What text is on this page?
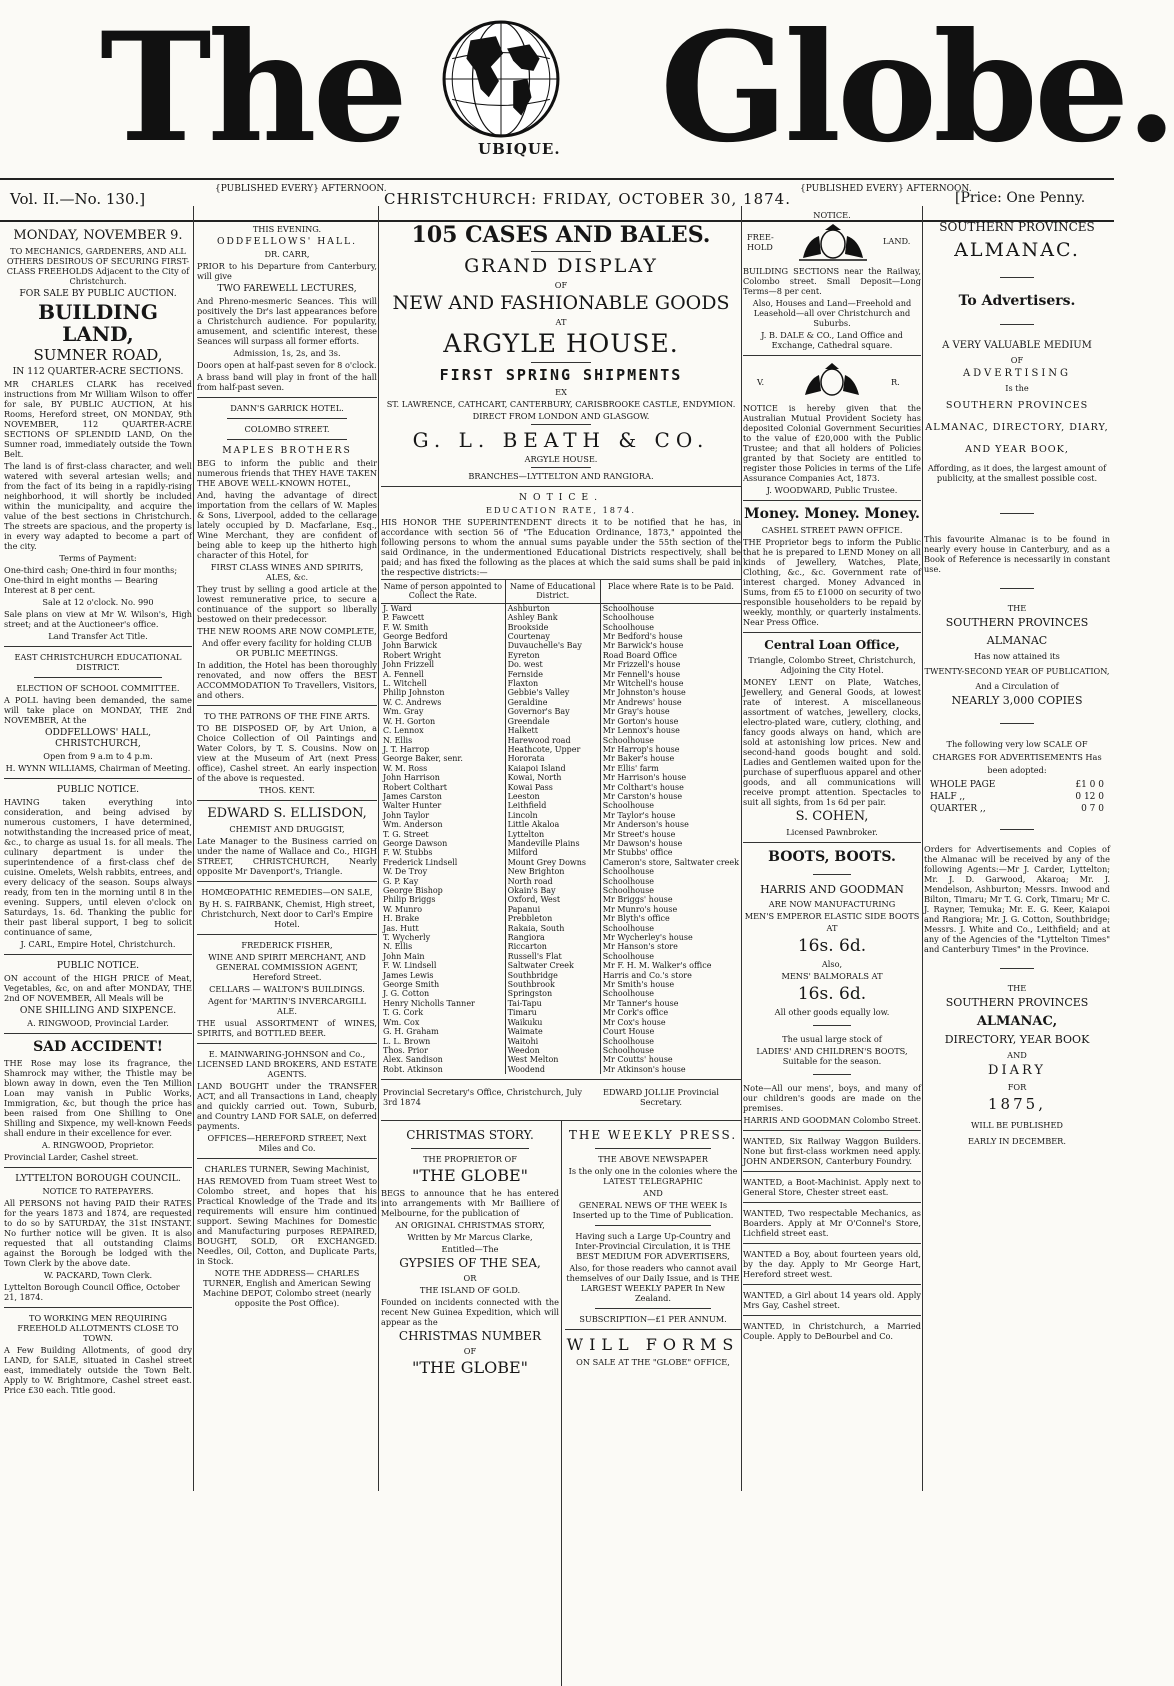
The	UBIQUE. Globe.
Vol. II.—No. 130.]
{PUBLISHED EVERY} AFTERNOON.
CHRISTCHURCH: FRIDAY, OCTOBER 30, 1874.
{PUBLISHED EVERY} AFTERNOON.
[Price: One Penny.

MONDAY, NOVEMBER 9.

TO MECHANICS, GARDENERS, AND ALL OTHERS DESIROUS OF SECURING FIRST-CLASS FREEHOLDS Adjacent to the City of Christchurch.

FOR SALE BY PUBLIC AUCTION.

BUILDING LAND,

SUMNER ROAD,

IN 112 QUARTER-ACRE SECTIONS.

MR CHARLES CLARK has received instructions from Mr William Wilson to offer for sale, BY PUBLIC AUCTION, At his Rooms, Hereford street, ON MONDAY, 9th NOVEMBER, 112 QUARTER-ACRE SECTIONS OF SPLENDID LAND, On the Sumner road, immediately outside the Town Belt.

The land is of first-class character, and well watered with several artesian wells; and from the fact of its being in a rapidly-rising neighborhood, it will shortly be included within the municipality, and acquire the value of the best sections in Christchurch. The streets are spacious, and the property is in every way adapted to become a part of the city.

Terms of Payment:

One-third cash; One-third in four months; One-third in eight months — Bearing Interest at 8 per cent.

Sale at 12 o'clock. No. 990

Sale plans on view at Mr W. Wilson's, High street; and at the Auctioneer's office.

Land Transfer Act Title.

EAST CHRISTCHURCH EDUCATIONAL DISTRICT.

ELECTION OF SCHOOL COMMITTEE.

A POLL having been demanded, the same will take place on MONDAY, THE 2nd NOVEMBER, At the

ODDFELLOWS' HALL, CHRISTCHURCH,

Open from 9 a.m to 4 p.m.

H. WYNN WILLIAMS, Chairman of Meeting.

PUBLIC NOTICE.

HAVING taken everything into consideration, and being advised by numerous customers, I have determined, notwithstanding the increased price of meat, &c., to charge as usual 1s. for all meals. The culinary department is under the superintendence of a first-class chef de cuisine. Omelets, Welsh rabbits, entrees, and every delicacy of the season. Soups always ready, from ten in the morning until 8 in the evening. Suppers, until eleven o'clock on Saturdays, 1s. 6d. Thanking the public for their past liberal support, I beg to solicit continuance of same,

J. CARL, Empire Hotel, Christchurch.

PUBLIC NOTICE.

ON account of the HIGH PRICE of Meat, Vegetables, &c, on and after MONDAY, THE 2nd OF NOVEMBER, All Meals will be

ONE SHILLING AND SIXPENCE.

A. RINGWOOD, Provincial Larder.

SAD ACCIDENT!

THE Rose may lose its fragrance, the Shamrock may wither, the Thistle may be blown away in down, even the Ten Million Loan may vanish in Public Works, Immigration, &c, but though the price has been raised from One Shilling to One Shilling and Sixpence, my well-known Feeds shall endure in their excellence for ever.

A. RINGWOOD, Proprietor.

Provincial Larder, Cashel street.

LYTTELTON BOROUGH COUNCIL.

NOTICE TO RATEPAYERS.

All PERSONS not having PAID their RATES for the years 1873 and 1874, are requested to do so by SATURDAY, the 31st INSTANT. No further notice will be given. It is also requested that all outstanding Claims against the Borough be lodged with the Town Clerk by the above date.

W. PACKARD, Town Clerk.

Lyttelton Borough Council Office, October 21, 1874.

TO WORKING MEN REQUIRING FREEHOLD ALLOTMENTS CLOSE TO TOWN.

A Few Building Allotments, of good dry LAND, for SALE, situated in Cashel street east, immediately outside the Town Belt. Apply to W. Brightmore, Cashel street east. Price £30 each. Title good.

THIS EVENING.

ODDFELLOWS' HALL.

DR. CARR,

PRIOR to his Departure from Canterbury, will give

TWO FAREWELL LECTURES,

And Phreno-mesmeric Seances. This will positively the Dr's last appearances before a Christchurch audience. For popularity, amusement, and scientific interest, these Seances will surpass all former efforts.

Admission, 1s, 2s, and 3s.

Doors open at half-past seven for 8 o'clock.

A brass band will play in front of the hall from half-past seven.

DANN'S GARRICK HOTEL.

COLOMBO STREET.

MAPLES BROTHERS

BEG to inform the public and their numerous friends that THEY HAVE TAKEN THE ABOVE WELL-KNOWN HOTEL,

And, having the advantage of direct importation from the cellars of W. Maples & Sons, Liverpool, added to the cellarage lately occupied by D. Macfarlane, Esq., Wine Merchant, they are confident of being able to keep up the hitherto high character of this Hotel, for

FIRST CLASS WINES AND SPIRITS, ALES, &c.

They trust by selling a good article at the lowest remunerative price, to secure a continuance of the support so liberally bestowed on their predecessor.

THE NEW ROOMS ARE NOW COMPLETE,

And offer every facility for holding CLUB OR PUBLIC MEETINGS.

In addition, the Hotel has been thoroughly renovated, and now offers the BEST ACCOMMODATION To Travellers, Visitors, and others.

TO THE PATRONS OF THE FINE ARTS.

TO BE DISPOSED OF, by Art Union, a Choice Collection of Oil Paintings and Water Colors, by T. S. Cousins. Now on view at the Museum of Art (next Press office), Cashel street. An early inspection of the above is requested.

THOS. KENT.

EDWARD S. ELLISDON,

CHEMIST AND DRUGGIST,

Late Manager to the Business carried on under the name of Wallace and Co., HIGH STREET, CHRISTCHURCH, Nearly opposite Mr Davenport's, Triangle.

HOMŒOPATHIC REMEDIES—ON SALE,

By H. S. FAIRBANK, Chemist, High street, Christchurch, Next door to Carl's Empire Hotel.

FREDERICK FISHER,

WINE AND SPIRIT MERCHANT, AND GENERAL COMMISSION AGENT, Hereford Street.

CELLARS — WALTON'S BUILDINGS.

Agent for 'MARTIN'S INVERCARGILL ALE.

THE usual ASSORTMENT of WINES, SPIRITS, and BOTTLED BEER.

E. MAINWARING-JOHNSON and Co., LICENSED LAND BROKERS, AND ESTATE AGENTS.

LAND BOUGHT under the TRANSFER ACT, and all Transactions in Land, cheaply and quickly carried out. Town, Suburb, and Country LAND FOR SALE, on deferred payments.

OFFICES—HEREFORD STREET, Next Miles and Co.

CHARLES TURNER, Sewing Machinist,

HAS REMOVED from Tuam street West to Colombo street, and hopes that his Practical Knowledge of the Trade and its requirements will ensure him continued support. Sewing Machines for Domestic and Manufacturing purposes REPAIRED, BOUGHT, SOLD, OR EXCHANGED. Needles, Oil, Cotton, and Duplicate Parts, in Stock.

NOTE THE ADDRESS— CHARLES TURNER, English and American Sewing Machine DEPOT, Colombo street (nearly opposite the Post Office).

105 CASES AND BALES.

GRAND DISPLAY

OF

NEW AND FASHIONABLE GOODS

AT

ARGYLE HOUSE.

FIRST SPRING SHIPMENTS

EX

ST. LAWRENCE, CATHCART, CANTERBURY, CARISBROOKE CASTLE, ENDYMION.

DIRECT FROM LONDON AND GLASGOW.

G. L. BEATH & CO.

ARGYLE HOUSE.

BRANCHES—LYTTELTON AND RANGIORA.

NOTICE.

EDUCATION RATE, 1874.

HIS HONOR THE SUPERINTENDENT directs it to be notified that he has, in accordance with section 56 of "The Education Ordinance, 1873," appointed the following persons to whom the annual sums payable under the 55th section of the said Ordinance, in the undermentioned Educational Districts respectively, shall be paid; and has fixed the following as the places at which the said sums shall be paid in the respective districts:—

Name of person appointed to Collect the Rate.	Name of Educational District.	Place where Rate is to be Paid.
J. Ward	Ashburton	Schoolhouse
P. Fawcett	Ashley Bank	Schoolhouse
F. W. Smith	Brookside	Schoolhouse
George Bedford	Courtenay	Mr Bedford's house
John Barwick	Duvauchelle's Bay	Mr Barwick's house
Robert Wright	Eyreton	Road Board Office
John Frizzell	Do. west	Mr Frizzell's house
A. Fennell	Fernside	Mr Fennell's house
L. Witchell	Flaxton	Mr Witchell's house
Philip Johnston	Gebbie's Valley	Mr Johnston's house
W. C. Andrews	Geraldine	Mr Andrews' house
Wm. Gray	Governor's Bay	Mr Gray's house
W. H. Gorton	Greendale	Mr Gorton's house
C. Lennox	Halkett	Mr Lennox's house
N. Ellis	Harewood road	Schoolhouse
J. T. Harrop	Heathcote, Upper	Mr Harrop's house
George Baker, senr.	Hororata	Mr Baker's house
W. M. Ross	Kaiapoi Island	Mr Ellis' farm
John Harrison	Kowai, North	Mr Harrison's house
Robert Colthart	Kowai Pass	Mr Colthart's house
James Carston	Leeston	Mr Carston's house
Walter Hunter	Leithfield	Schoolhouse
John Taylor	Lincoln	Mr Taylor's house
Wm. Anderson	Little Akaloa	Mr Anderson's house
T. G. Street	Lyttelton	Mr Street's house
George Dawson	Mandeville Plains	Mr Dawson's house
F. W. Stubbs	Milford	Mr Stubbs' office
Frederick Lindsell	Mount Grey Downs	Cameron's store, Saltwater creek
W. De Troy	New Brighton	Schoolhouse
G. P. Kay	North road	Schoolhouse
George Bishop	Okain's Bay	Schoolhouse
Philip Briggs	Oxford, West	Mr Briggs' house
W. Munro	Papanui	Mr Munro's house
H. Brake	Prebbleton	Mr Blyth's office
Jas. Hutt	Rakaia, South	Schoolhouse
T. Wycherly	Rangiora	Mr Wycherley's house
N. Ellis	Riccarton	Mr Hanson's store
John Main	Russell's Flat	Schoolhouse
F. W. Lindsell	Saltwater Creek	Mr F. H. M. Walker's office
James Lewis	Southbridge	Harris and Co.'s store
George Smith	Southbrook	Mr Smith's house
J. G. Cotton	Springston	Schoolhouse
Henry Nicholls Tanner	Tai-Tapu	Mr Tanner's house
T. G. Cork	Timaru	Mr Cork's office
Wm. Cox	Waikuku	Mr Cox's house
G. H. Graham	Waimate	Court House
L. L. Brown	Waitohi	Schoolhouse
Thos. Prior	Weedon	Schoolhouse
Alex. Sandison	West Melton	Mr Coutts' house
Robt. Atkinson	Woodend	Mr Atkinson's house

Provincial Secretary's Office, Christchurch, July 3rd 1874

EDWARD JOLLIE Provincial Secretary.

CHRISTMAS STORY.

THE PROPRIETOR OF

"THE GLOBE"

BEGS to announce that he has entered into arrangements with Mr Bailliere of Melbourne, for the publication of

AN ORIGINAL CHRISTMAS STORY,

Written by Mr Marcus Clarke,

Entitled—The

GYPSIES OF THE SEA,

OR

THE ISLAND OF GOLD.

Founded on incidents connected with the recent New Guinea Expedition, which will appear as the

CHRISTMAS NUMBER

OF

"THE GLOBE"

THE WEEKLY PRESS.

THE ABOVE NEWSPAPER

Is the only one in the colonies where the LATEST TELEGRAPHIC

AND

GENERAL NEWS OF THE WEEK Is Inserted up to the Time of Publication.

Having such a Large Up-Country and Inter-Provincial Circulation, it is THE BEST MEDIUM FOR ADVERTISERS,

Also, for those readers who cannot avail themselves of our Daily Issue, and is THE LARGEST WEEKLY PAPER In New Zealand.

SUBSCRIPTION—£1 PER ANNUM.

WILL FORMS

ON SALE AT THE "GLOBE" OFFICE,

NOTICE.

FREE-HOLD
LAND.

BUILDING SECTIONS near the Railway, Colombo street. Small Deposit—Long Terms—8 per cent.

Also, Houses and Land—Freehold and Leasehold—all over Christchurch and Suburbs.

J. B. DALE & CO., Land Office and Exchange, Cathedral square.

V.	R.

NOTICE is hereby given that the Australian Mutual Provident Society has deposited Colonial Government Securities to the value of £20,000 with the Public Trustee; and that all holders of Policies granted by that Society are entitled to register those Policies in terms of the Life Assurance Companies Act, 1873.

J. WOODWARD, Public Trustee.

Money. Money. Money.

CASHEL STREET PAWN OFFICE.

THE Proprietor begs to inform the Public that he is prepared to LEND Money on all kinds of Jewellery, Watches, Plate, Clothing, &c., &c. Government rate of interest charged. Money Advanced in Sums, from £5 to £1000 on security of two responsible householders to be repaid by weekly, monthly, or quarterly instalments. Near Press Office.

Central Loan Office,

Triangle, Colombo Street, Christchurch, Adjoining the City Hotel.

MONEY LENT on Plate, Watches, Jewellery, and General Goods, at lowest rate of interest. A miscellaneous assortment of watches, jewellery, clocks, electro-plated ware, cutlery, clothing, and fancy goods always on hand, which are sold at astonishing low prices. New and second-hand goods bought and sold. Ladies and Gentlemen waited upon for the purchase of superfluous apparel and other goods, and all communications will receive prompt attention. Spectacles to suit all sights, from 1s 6d per pair.

S. COHEN,

Licensed Pawnbroker.

BOOTS, BOOTS.

HARRIS AND GOODMAN

ARE NOW MANUFACTURING

MEN'S EMPEROR ELASTIC SIDE BOOTS

AT

16s. 6d.

Also,

MENS' BALMORALS AT

16s. 6d.

All other goods equally low.

The usual large stock of

LADIES' AND CHILDREN'S BOOTS, Suitable for the season.

Note—All our mens', boys, and many of our children's goods are made on the premises.

HARRIS AND GOODMAN Colombo Street.

WANTED, Six Railway Waggon Builders. None but first-class workmen need apply. JOHN ANDERSON, Canterbury Foundry.

WANTED, a Boot-Machinist. Apply next to General Store, Chester street east.

WANTED, Two respectable Mechanics, as Boarders. Apply at Mr O'Connel's Store, Lichfield street east.

WANTED a Boy, about fourteen years old, by the day. Apply to Mr George Hart, Hereford street west.

WANTED, a Girl about 14 years old. Apply Mrs Gay, Cashel street.

WANTED, in Christchurch, a Married Couple. Apply to DeBourbel and Co.

SOUTHERN PROVINCES

ALMANAC.

To Advertisers.

A VERY VALUABLE MEDIUM

OF

ADVERTISING

Is the

SOUTHERN PROVINCES ALMANAC, DIRECTORY, DIARY, AND YEAR BOOK,

Affording, as it does, the largest amount of publicity, at the smallest possible cost.

This favourite Almanac is to be found in nearly every house in Canterbury, and as a Book of Reference is necessarily in constant use.

THE

SOUTHERN PROVINCES

ALMANAC

Has now attained its

TWENTY-SECOND YEAR OF PUBLICATION,

And a Circulation of

NEARLY 3,000 COPIES

The following very low SCALE OF CHARGES FOR ADVERTISEMENTS Has been adopted:

WHOLE PAGE	£1 0 0
HALF ,,	0 12 0
QUARTER ,,	0 7 0

Orders for Advertisements and Copies of the Almanac will be received by any of the following Agents:—Mr J. Carder, Lyttelton; Mr. J. D. Garwood, Akaroa; Mr. J. Mendelson, Ashburton; Messrs. Inwood and Bilton, Timaru; Mr T. G. Cork, Timaru; Mr C. J. Rayner, Temuka; Mr. E. G. Keer, Kaiapoi and Rangiora; Mr. J. G. Cotton, Southbridge; Messrs. J. White and Co., Leithfield; and at any of the Agencies of the "Lyttelton Times" and Canterbury Times" in the Province.

THE

SOUTHERN PROVINCES

ALMANAC,

DIRECTORY, YEAR BOOK

AND

DIARY

FOR

1875,

WILL BE PUBLISHED

EARLY IN DECEMBER.
